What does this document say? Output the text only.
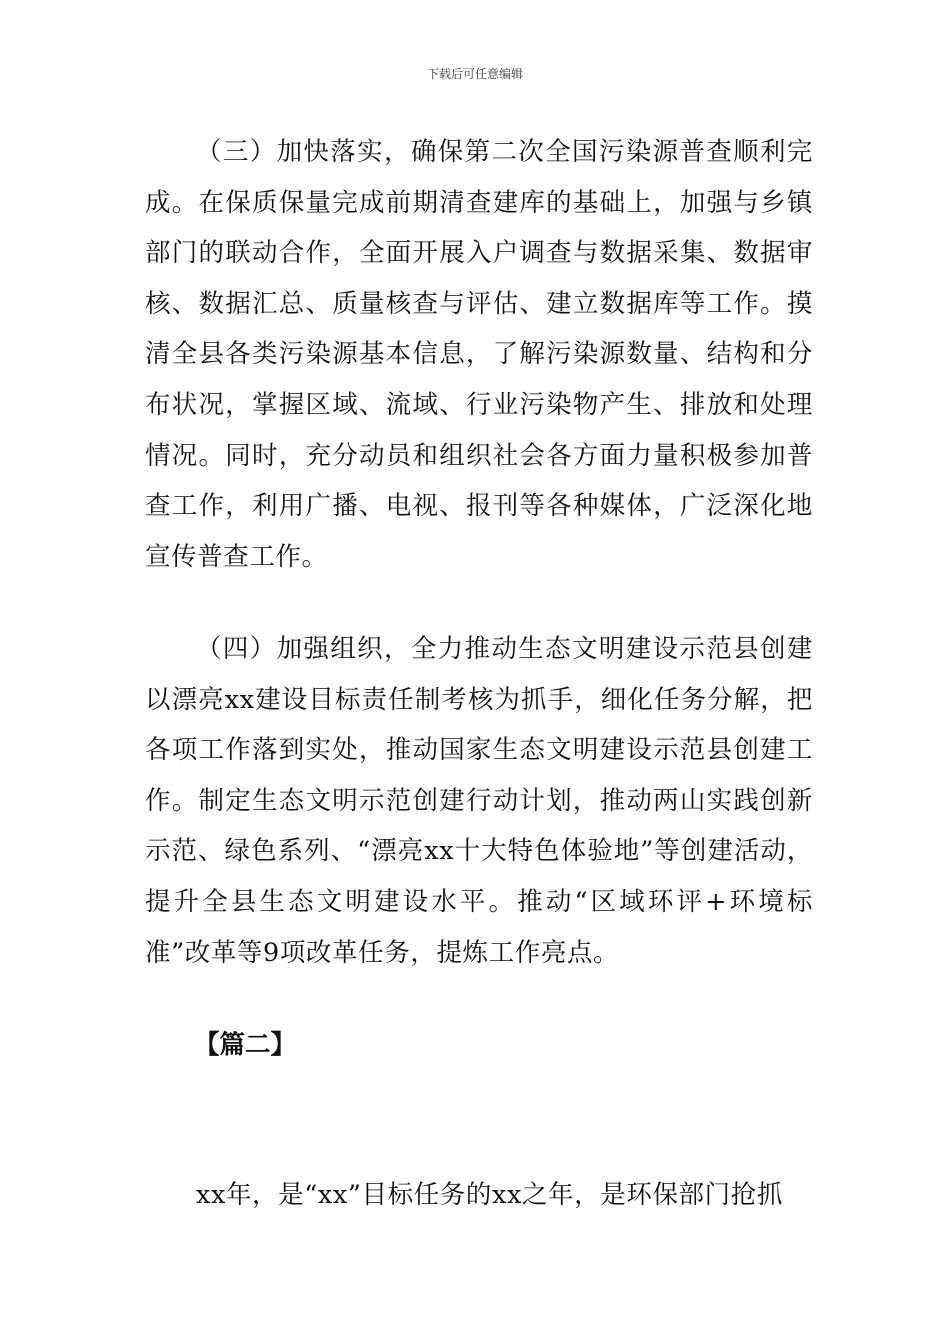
下载后可任意编辑

（三）加快落实，确保第二次全国污染源普查顺利完成。在保质保量完成前期清查建库的基础上，加强与乡镇部门的联动合作，全面开展入户调查与数据采集、数据审核、数据汇总、质量核查与评估、建立数据库等工作。摸清全县各类污染源基本信息，了解污染源数量、结构和分布状况，掌握区域、流域、行业污染物产生、排放和处理情况。同时，充分动员和组织社会各方面力量积极参加普查工作，利用广播、电视、报刊等各种媒体，广泛深化地宣传普查工作。

（四）加强组织，全力推动生态文明建设示范县创建以漂亮xx建设目标责任制考核为抓手，细化任务分解，把各项工作落到实处，推动国家生态文明建设示范县创建工作。制定生态文明示范创建行动计划，推动两山实践创新示范、绿色系列、“漂亮xx十大特色体验地”等创建活动，提升全县生态文明建设水平。推动“区域环评+环境标准”改革等9项改革任务，提炼工作亮点。

【篇二】

xx年，是“xx”目标任务的xx之年，是环保部门抢抓
